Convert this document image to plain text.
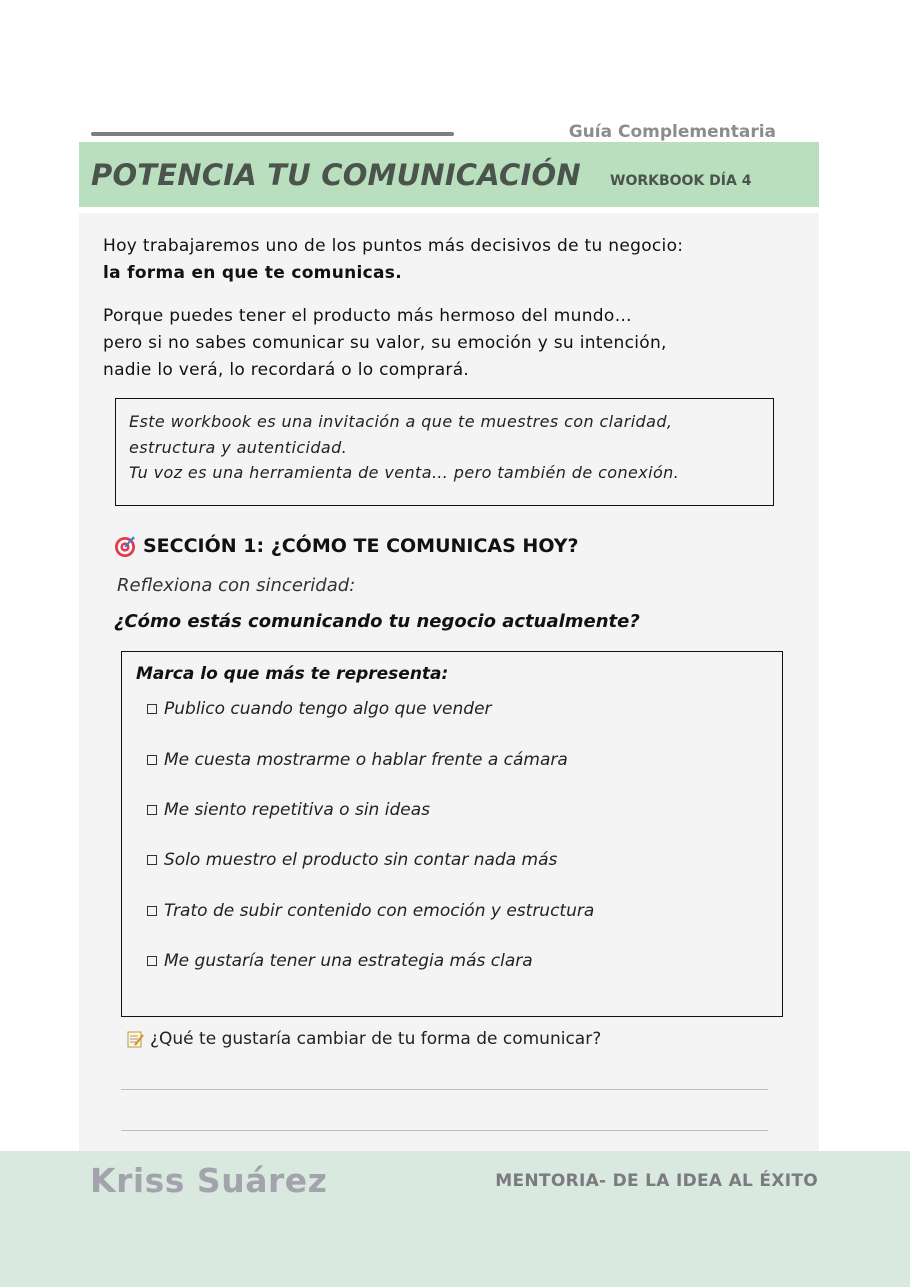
Guía Complementaria
POTENCIA TU COMUNICACIÓN WORKBOOK DÍA 4

Hoy trabajaremos uno de los puntos más decisivos de tu negocio:
la forma en que te comunicas.

Porque puedes tener el producto más hermoso del mundo…
pero si no sabes comunicar su valor, su emoción y su intención,
nadie lo verá, lo recordará o lo comprará.

Este workbook es una invitación a que te muestres con claridad, estructura y autenticidad.
Tu voz es una herramienta de venta… pero también de conexión.

SECCIÓN 1: ¿CÓMO TE COMUNICAS HOY?
Reflexiona con sinceridad:
¿Cómo estás comunicando tu negocio actualmente?
Marca lo que más te representa:
Publico cuando tengo algo que vender
Me cuesta mostrarme o hablar frente a cámara
Me siento repetitiva o sin ideas
Solo muestro el producto sin contar nada más
Trato de subir contenido con emoción y estructura
Me gustaría tener una estrategia más clara
¿Qué te gustaría cambiar de tu forma de comunicar?
Kriss Suárez	MENTORIA- DE LA IDEA AL ÉXITO
